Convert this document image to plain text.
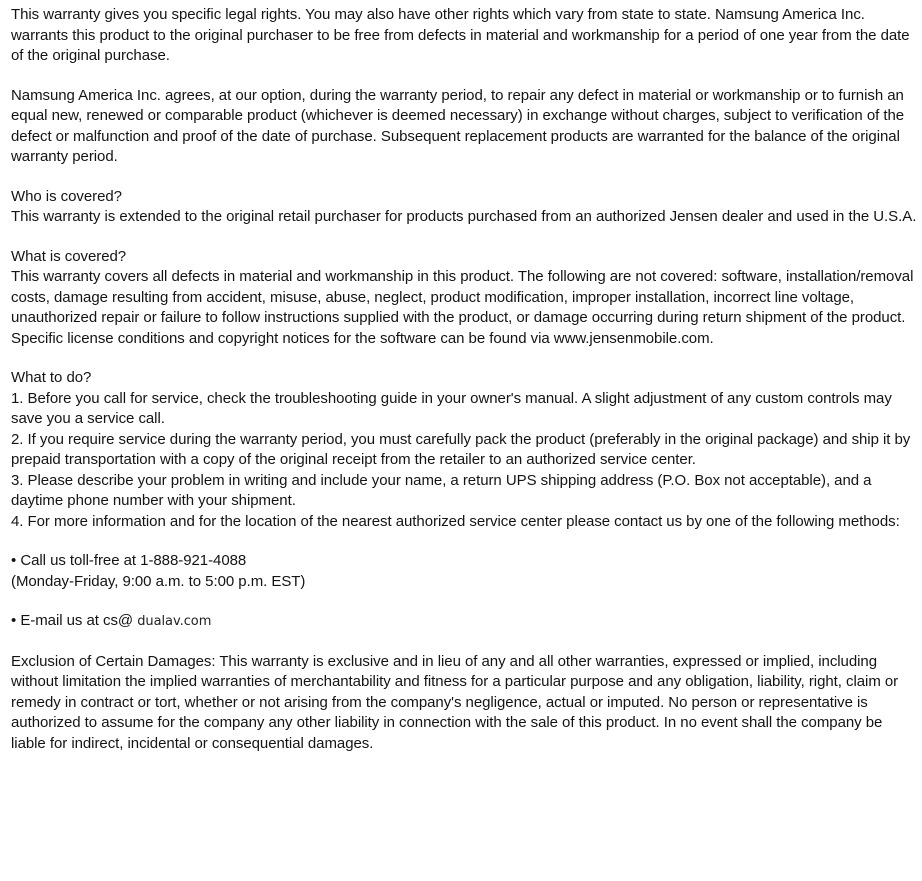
This warranty gives you specific legal rights. You may also have other rights which vary from state to state. Namsung America Inc. warrants this product to the original purchaser to be free from defects in material and workmanship for a period of one year from the date of the original purchase.

Namsung America Inc. agrees, at our option, during the warranty period, to repair any defect in material or workmanship or to furnish an equal new, renewed or comparable product (whichever is deemed necessary) in exchange without charges, subject to verification of the defect or malfunction and proof of the date of purchase. Subsequent replacement products are warranted for the balance of the original warranty period.

Who is covered?
This warranty is extended to the original retail purchaser for products purchased from an authorized Jensen dealer and used in the U.S.A.
What is covered?
This warranty covers all defects in material and workmanship in this product. The following are not covered: software, installation/removal costs, damage resulting from accident, misuse, abuse, neglect, product modification, improper installation, incorrect line voltage, unauthorized repair or failure to follow instructions supplied with the product, or damage occurring during return shipment of the product. Specific license conditions and copyright notices for the software can be found via www.jensenmobile.com.
What to do?
1. Before you call for service, check the troubleshooting guide in your owner's manual. A slight adjustment of any custom controls may save you a service call.
2. If you require service during the warranty period, you must carefully pack the product (preferably in the original package) and ship it by prepaid transportation with a copy of the original receipt from the retailer to an authorized service center.
3. Please describe your problem in writing and include your name, a return UPS shipping address (P.O. Box not acceptable), and a daytime phone number with your shipment.
4. For more information and for the location of the nearest authorized service center please contact us by one of the following methods:
• Call us toll-free at 1-888-921-4088
(Monday-Friday, 9:00 a.m. to 5:00 p.m. EST)
• E-mail us at cs@ dualav.com

Exclusion of Certain Damages: This warranty is exclusive and in lieu of any and all other warranties, expressed or implied, including without limitation the implied warranties of merchantability and fitness for a particular purpose and any obligation, liability, right, claim or remedy in contract or tort, whether or not arising from the company's negligence, actual or imputed. No person or representative is authorized to assume for the company any other liability in connection with the sale of this product. In no event shall the company be liable for indirect, incidental or consequential damages.
